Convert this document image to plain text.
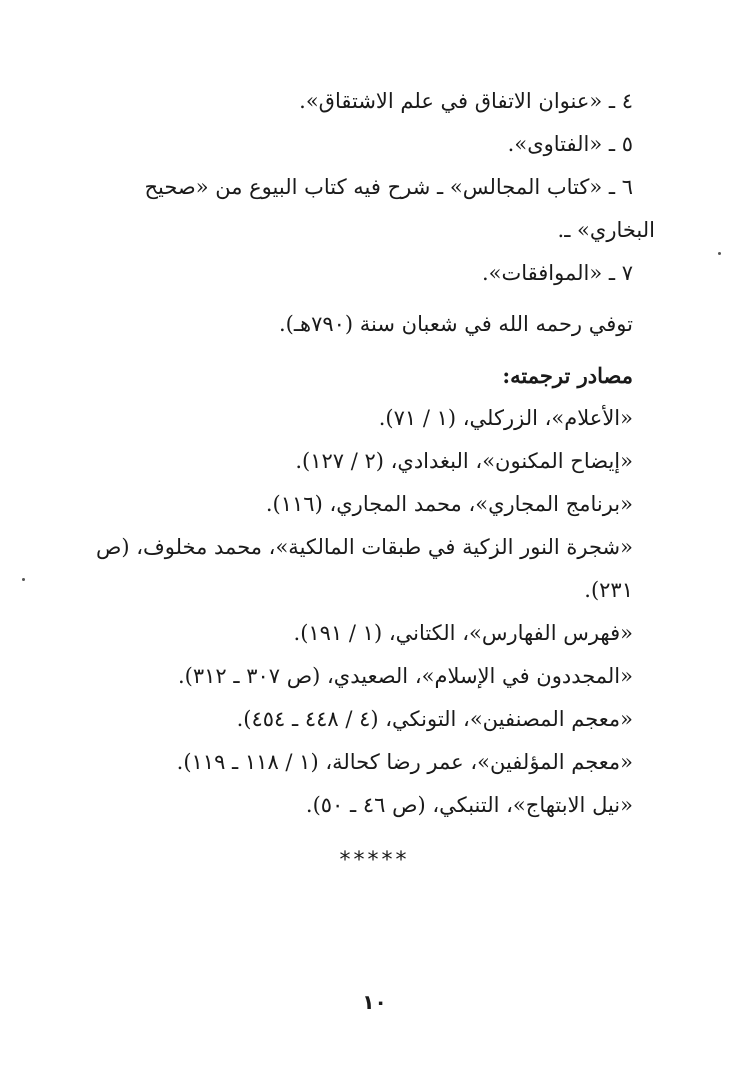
٤ ـ «عنوان الاتفاق في علم الاشتقاق».
٥ ـ «الفتاوى».
٦ ـ «كتاب المجالس» ـ شرح فيه كتاب البيوع من «صحيح
البخاري» ـ.
٧ ـ «الموافقات».
توفي رحمه الله في شعبان سنة (٧٩٠هـ).
مصادر ترجمته:
«الأعلام»، الزركلي، (١ / ٧١).
«إيضاح المكنون»، البغدادي، (٢ / ١٢٧).
«برنامج المجاري»، محمد المجاري، (١١٦).
«شجرة النور الزكية في طبقات المالكية»، محمد مخلوف، (ص
٢٣١).
«فهرس الفهارس»، الكتاني، (١ / ١٩١).
«المجددون في الإسلام»، الصعيدي، (ص ٣٠٧ ـ ٣١٢).
«معجم المصنفين»، التونكي، (٤ / ٤٤٨ ـ ٤٥٤).
«معجم المؤلفين»، عمر رضا كحالة، (١ / ١١٨ ـ ١١٩).
«نيل الابتهاج»، التنبكي، (ص ٤٦ ـ ٥٠).
*****
١٠
